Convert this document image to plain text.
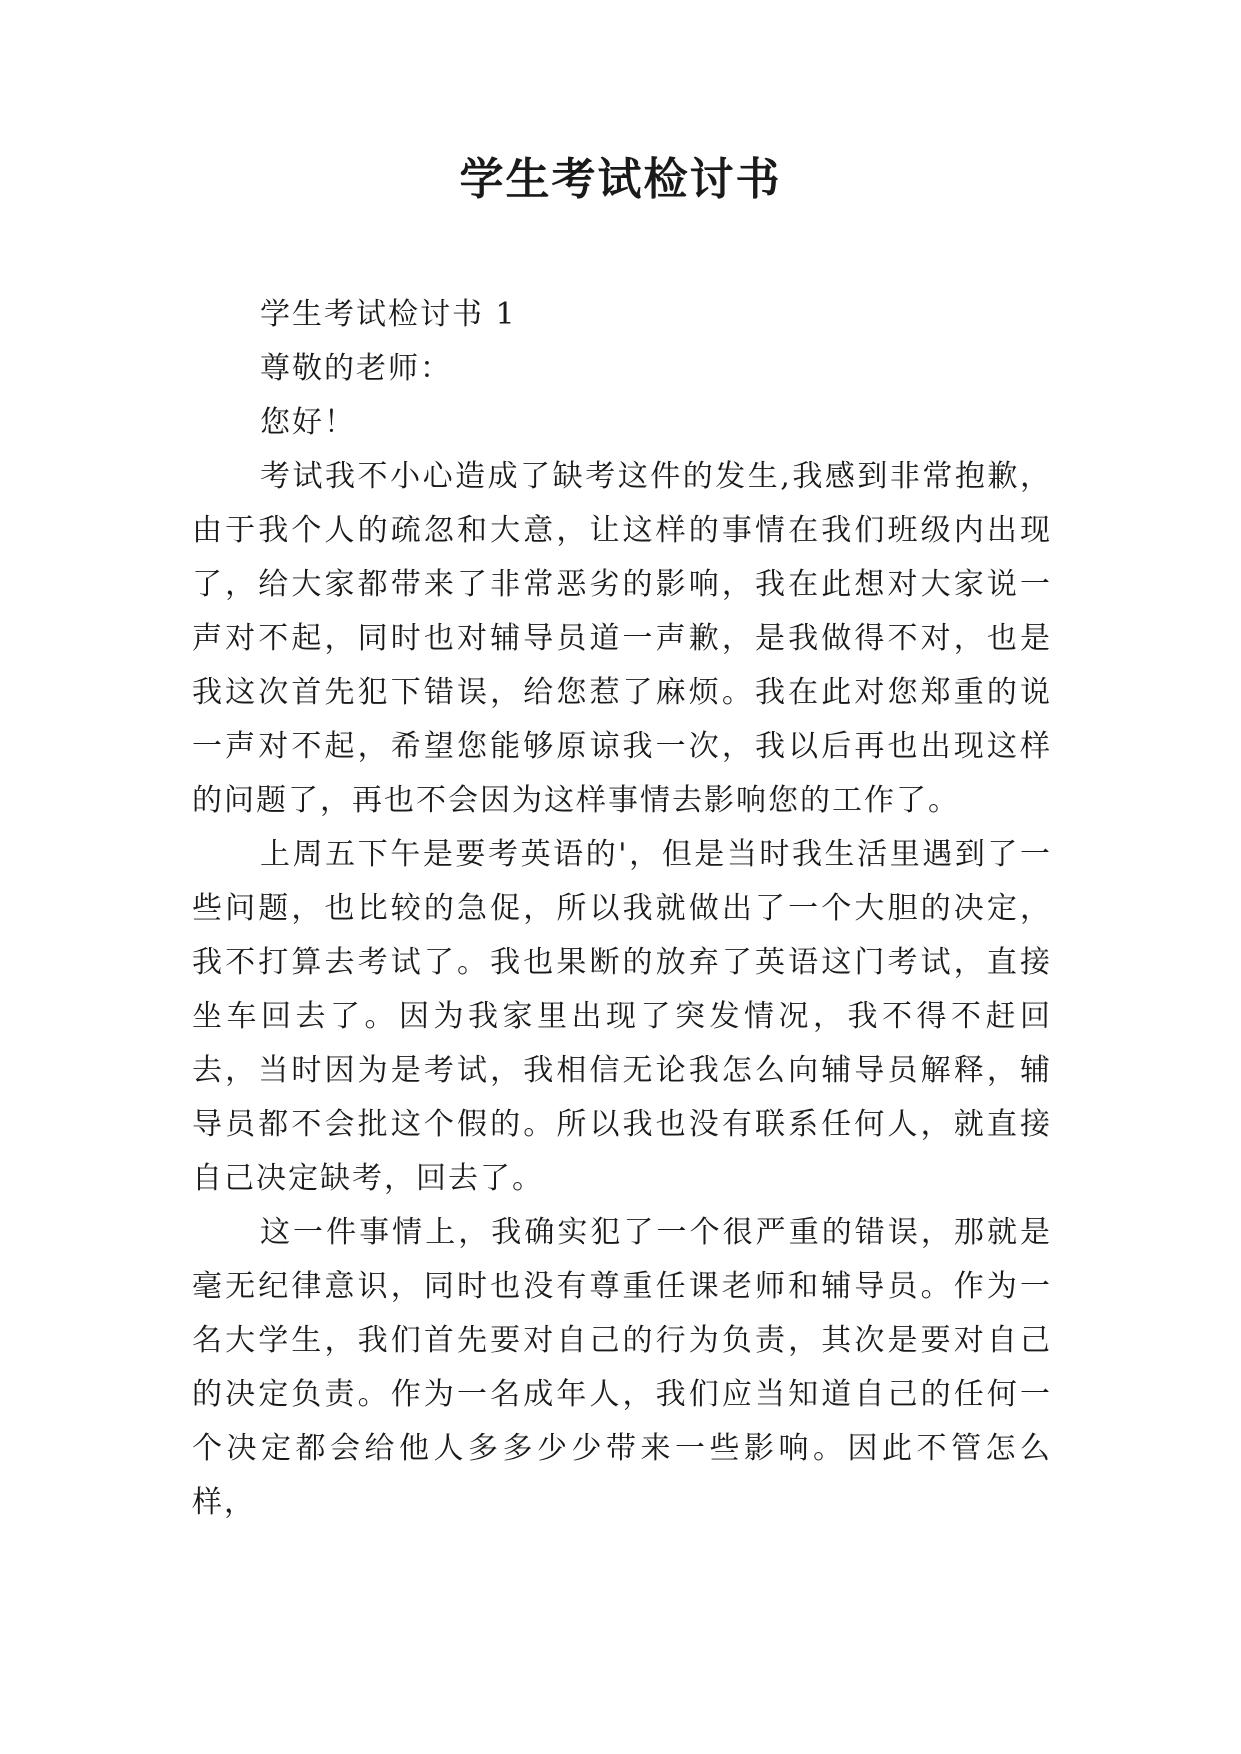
学生考试检讨书

学生考试检讨书 1

尊敬的老师：

您好！

考试我不小心造成了缺考这件的发生,我感到非常抱歉，由于我个人的疏忽和大意，让这样的事情在我们班级内出现了，给大家都带来了非常恶劣的影响，我在此想对大家说一声对不起，同时也对辅导员道一声歉，是我做得不对，也是我这次首先犯下错误，给您惹了麻烦。我在此对您郑重的说一声对不起，希望您能够原谅我一次，我以后再也出现这样的问题了，再也不会因为这样事情去影响您的工作了。

上周五下午是要考英语的'，但是当时我生活里遇到了一些问题，也比较的急促，所以我就做出了一个大胆的决定，我不打算去考试了。我也果断的放弃了英语这门考试，直接坐车回去了。因为我家里出现了突发情况，我不得不赶回去，当时因为是考试，我相信无论我怎么向辅导员解释，辅导员都不会批这个假的。所以我也没有联系任何人，就直接自己决定缺考，回去了。

这一件事情上，我确实犯了一个很严重的错误，那就是毫无纪律意识，同时也没有尊重任课老师和辅导员。作为一名大学生，我们首先要对自己的行为负责，其次是要对自己的决定负责。作为一名成年人，我们应当知道自己的任何一个决定都会给他人多多少少带来一些影响。因此不管怎么样，
